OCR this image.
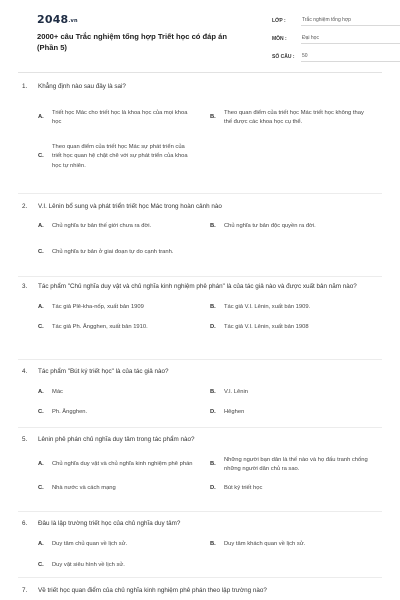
2048.vn
2000+ câu Trắc nghiệm tổng hợp Triết học có đáp án
(Phần 5)
LỚP :	Trắc nghiệm tổng hợp
MÔN :	Đại học
SỐ CÂU :	50
1.	Khẳng định nào sau đây là sai?
A.
Triết học Mác cho triết học là khoa học của mọi khoa học
B.
Theo quan điểm của triết học Mác triết học không thay thế được các khoa học cụ thể.
C.
Theo quan điểm của triết học Mác sự phát triển của triết học quan hệ chặt chẽ với sự phát triển của khoa học tự nhiên.
2.	V.I. Lênin bổ sung và phát triển triết học Mác trong hoàn cảnh nào
A.	Chủ nghĩa tư bản thế giới chưa ra đời.	B.	Chủ nghĩa tư bản độc quyền ra đời.
C.	Chủ nghĩa tư bản ở giai đoạn tự do cạnh tranh.
3.	Tác phẩm "Chủ nghĩa duy vật và chủ nghĩa kinh nghiệm phê phán" là của tác giả nào và được xuất bản năm nào?
A.	Tác giả Plê-kha-nốp, xuất bản 1909	B.	Tác giả V.I. Lênin, xuất bản 1909.
C.	Tác giả Ph. Ăngghen, xuất bản 1910.	D.	Tác giả V.I. Lênin, xuất bản 1908
4.	Tác phẩm "Bút ký triết học" là của tác giả nào?
A.	Mác	B.	V.I. Lênin
C.	Ph. Ăngghen.	D.	Hêghen
5.	Lênin phê phán chủ nghĩa duy tâm trong tác phẩm nào?
A.	Chủ nghĩa duy vật và chủ nghĩa kinh nghiệm phê phán	B.
Những người bạn dân là thế nào và họ đấu tranh chống những người dân chủ ra sao.
C.	Nhà nước và cách mạng	D.	Bút ký triết học
6.	Đâu là lập trường triết học của chủ nghĩa duy tâm?
A.	Duy tâm chủ quan về lịch sử.	B.	Duy tâm khách quan về lịch sử.
C.	Duy vật siêu hình về lịch sử.
7.	Về triết học quan điểm của chủ nghĩa kinh nghiệm phê phán theo lập trường nào?
